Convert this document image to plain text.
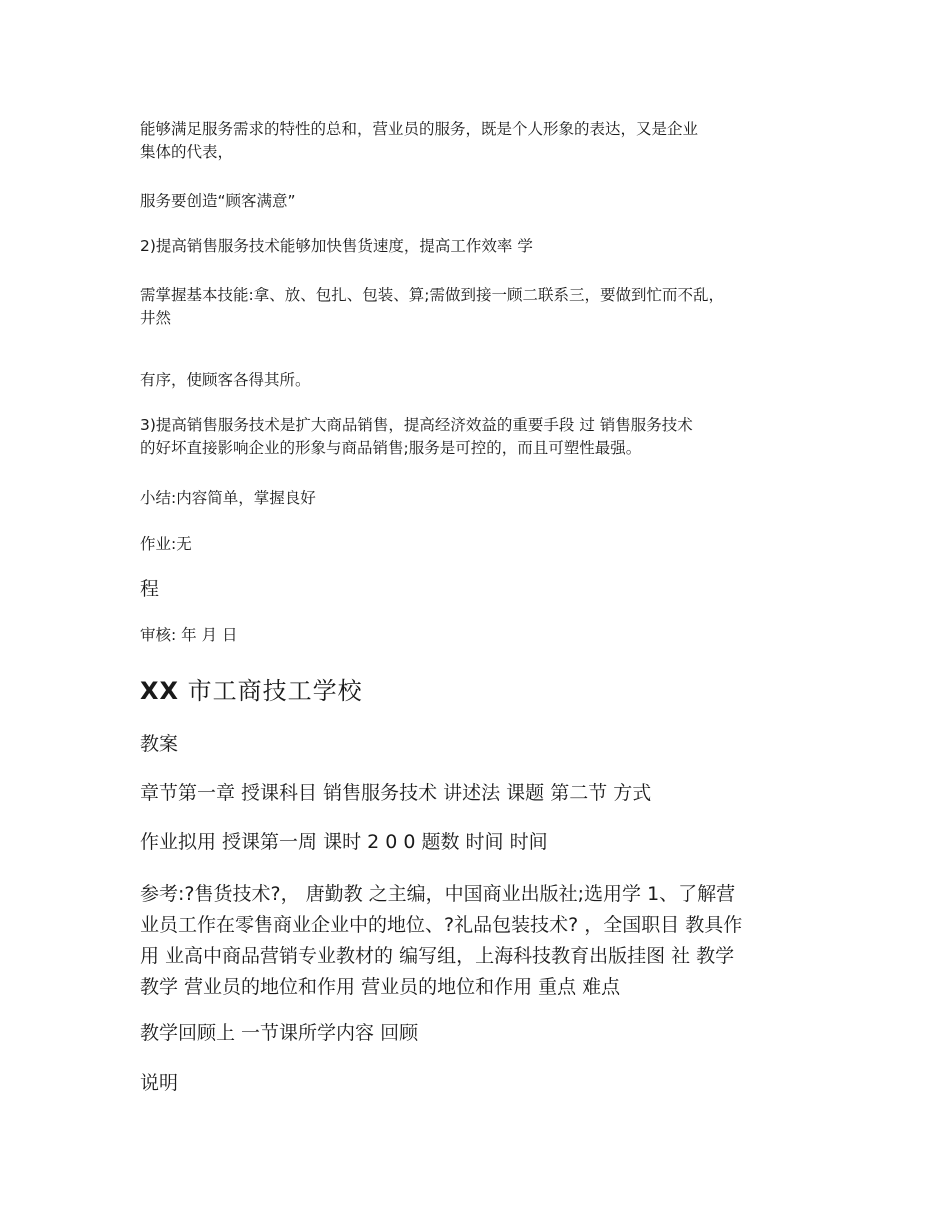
能够满足服务需求的特性的总和，营业员的服务，既是个人形象的表达，又是企业
集体的代表，

服务要创造“顾客满意”

2)提高销售服务技术能够加快售货速度，提高工作效率 学

需掌握基本技能:拿、放、包扎、包装、算;需做到接一顾二联系三，要做到忙而不乱，
井然

有序，使顾客各得其所。

3)提高销售服务技术是扩大商品销售，提高经济效益的重要手段 过 销售服务技术
的好坏直接影响企业的形象与商品销售;服务是可控的，而且可塑性最强。

小结:内容简单，掌握良好

作业:无

程

审核: 年 月 日

XX 市工商技工学校

教案

章节第一章 授课科目 销售服务技术 讲述法 课题 第二节 方式

作业拟用 授课第一周 课时 2 0 0 题数 时间 时间

参考:?售货技术?， 唐勤教 之主编，中国商业出版社;选用学 1、了解营
业员工作在零售商业企业中的地位、?礼品包装技术? ，全国职目 教具作
用 业高中商品营销专业教材的 编写组，上海科技教育出版挂图 社 教学
教学 营业员的地位和作用 营业员的地位和作用 重点 难点

教学回顾上 一节课所学内容 回顾

说明
